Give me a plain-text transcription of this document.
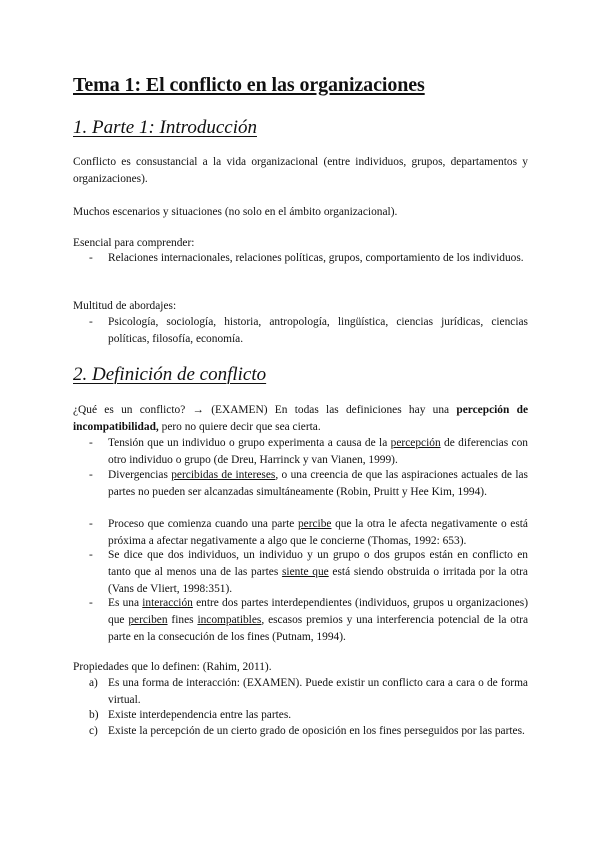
Tema 1: El conflicto en las organizaciones
1. Parte 1: Introducción

Conflicto es consustancial a la vida organizacional (entre individuos, grupos, departamentos y organizaciones).

Muchos escenarios y situaciones (no solo en el ámbito organizacional).

Esencial para comprender:

- Relaciones internacionales, relaciones políticas, grupos, comportamiento de los individuos.

Multitud de abordajes:

- Psicología, sociología, historia, antropología, lingüística, ciencias jurídicas, ciencias políticas, filosofía, economía.

2. Definición de conflicto

¿Qué es un conflicto? → (EXAMEN) En todas las definiciones hay una percepción de incompatibilidad, pero no quiere decir que sea cierta.

- Tensión que un individuo o grupo experimenta a causa de la percepción de diferencias con otro individuo o grupo (de Dreu, Harrinck y van Vianen, 1999).

- Divergencias percibidas de intereses, o una creencia de que las aspiraciones actuales de las partes no pueden ser alcanzadas simultáneamente (Robin, Pruitt y Hee Kim, 1994).

- Proceso que comienza cuando una parte percibe que la otra le afecta negativamente o está próxima a afectar negativamente a algo que le concierne (Thomas, 1992: 653).

- Se dice que dos individuos, un individuo y un grupo o dos grupos están en conflicto en tanto que al menos una de las partes siente que está siendo obstruida o irritada por la otra (Vans de Vliert, 1998:351).

- Es una interacción entre dos partes interdependientes (individuos, grupos u organizaciones) que perciben fines incompatibles, escasos premios y una interferencia potencial de la otra parte en la consecución de los fines (Putnam, 1994).

Propiedades que lo definen: (Rahim, 2011).

a) Es una forma de interacción: (EXAMEN). Puede existir un conflicto cara a cara o de forma virtual.

b) Existe interdependencia entre las partes.

c) Existe la percepción de un cierto grado de oposición en los fines perseguidos por las partes.
